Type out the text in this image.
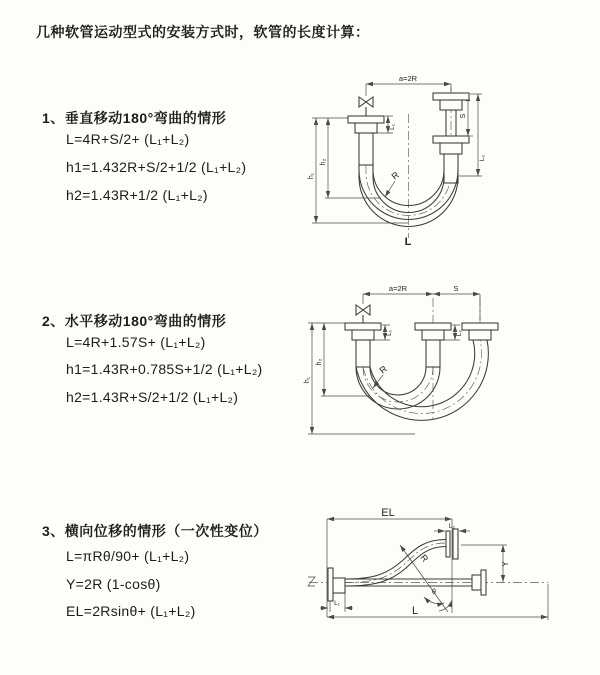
几种软管运动型式的安装方式时，软管的长度计算：
1、垂直移动180°弯曲的情形
L=4R+S/2+ (L₁+L₂)
h1=1.432R+S/2+1/2 (L₁+L₂)
h2=1.43R+1/2 (L₁+L₂)
2、水平移动180°弯曲的情形
L=4R+1.57S+ (L₁+L₂)
h1=1.43R+0.785S+1/2 (L₁+L₂)
h2=1.43R+S/2+1/2 (L₁+L₂)
3、横向位移的情形（一次性变位）
L=πRθ/90+ (L₁+L₂)
Y=2R (1-cosθ)
EL=2Rsinθ+ (L₁+L₂)
a=2R
L₁
S
L₂
h₁
h₂
R
L
a=2R	S
L₁	L₂
h₁
h₂
R
EL
L₂
Y
L
L₁
R
θ
